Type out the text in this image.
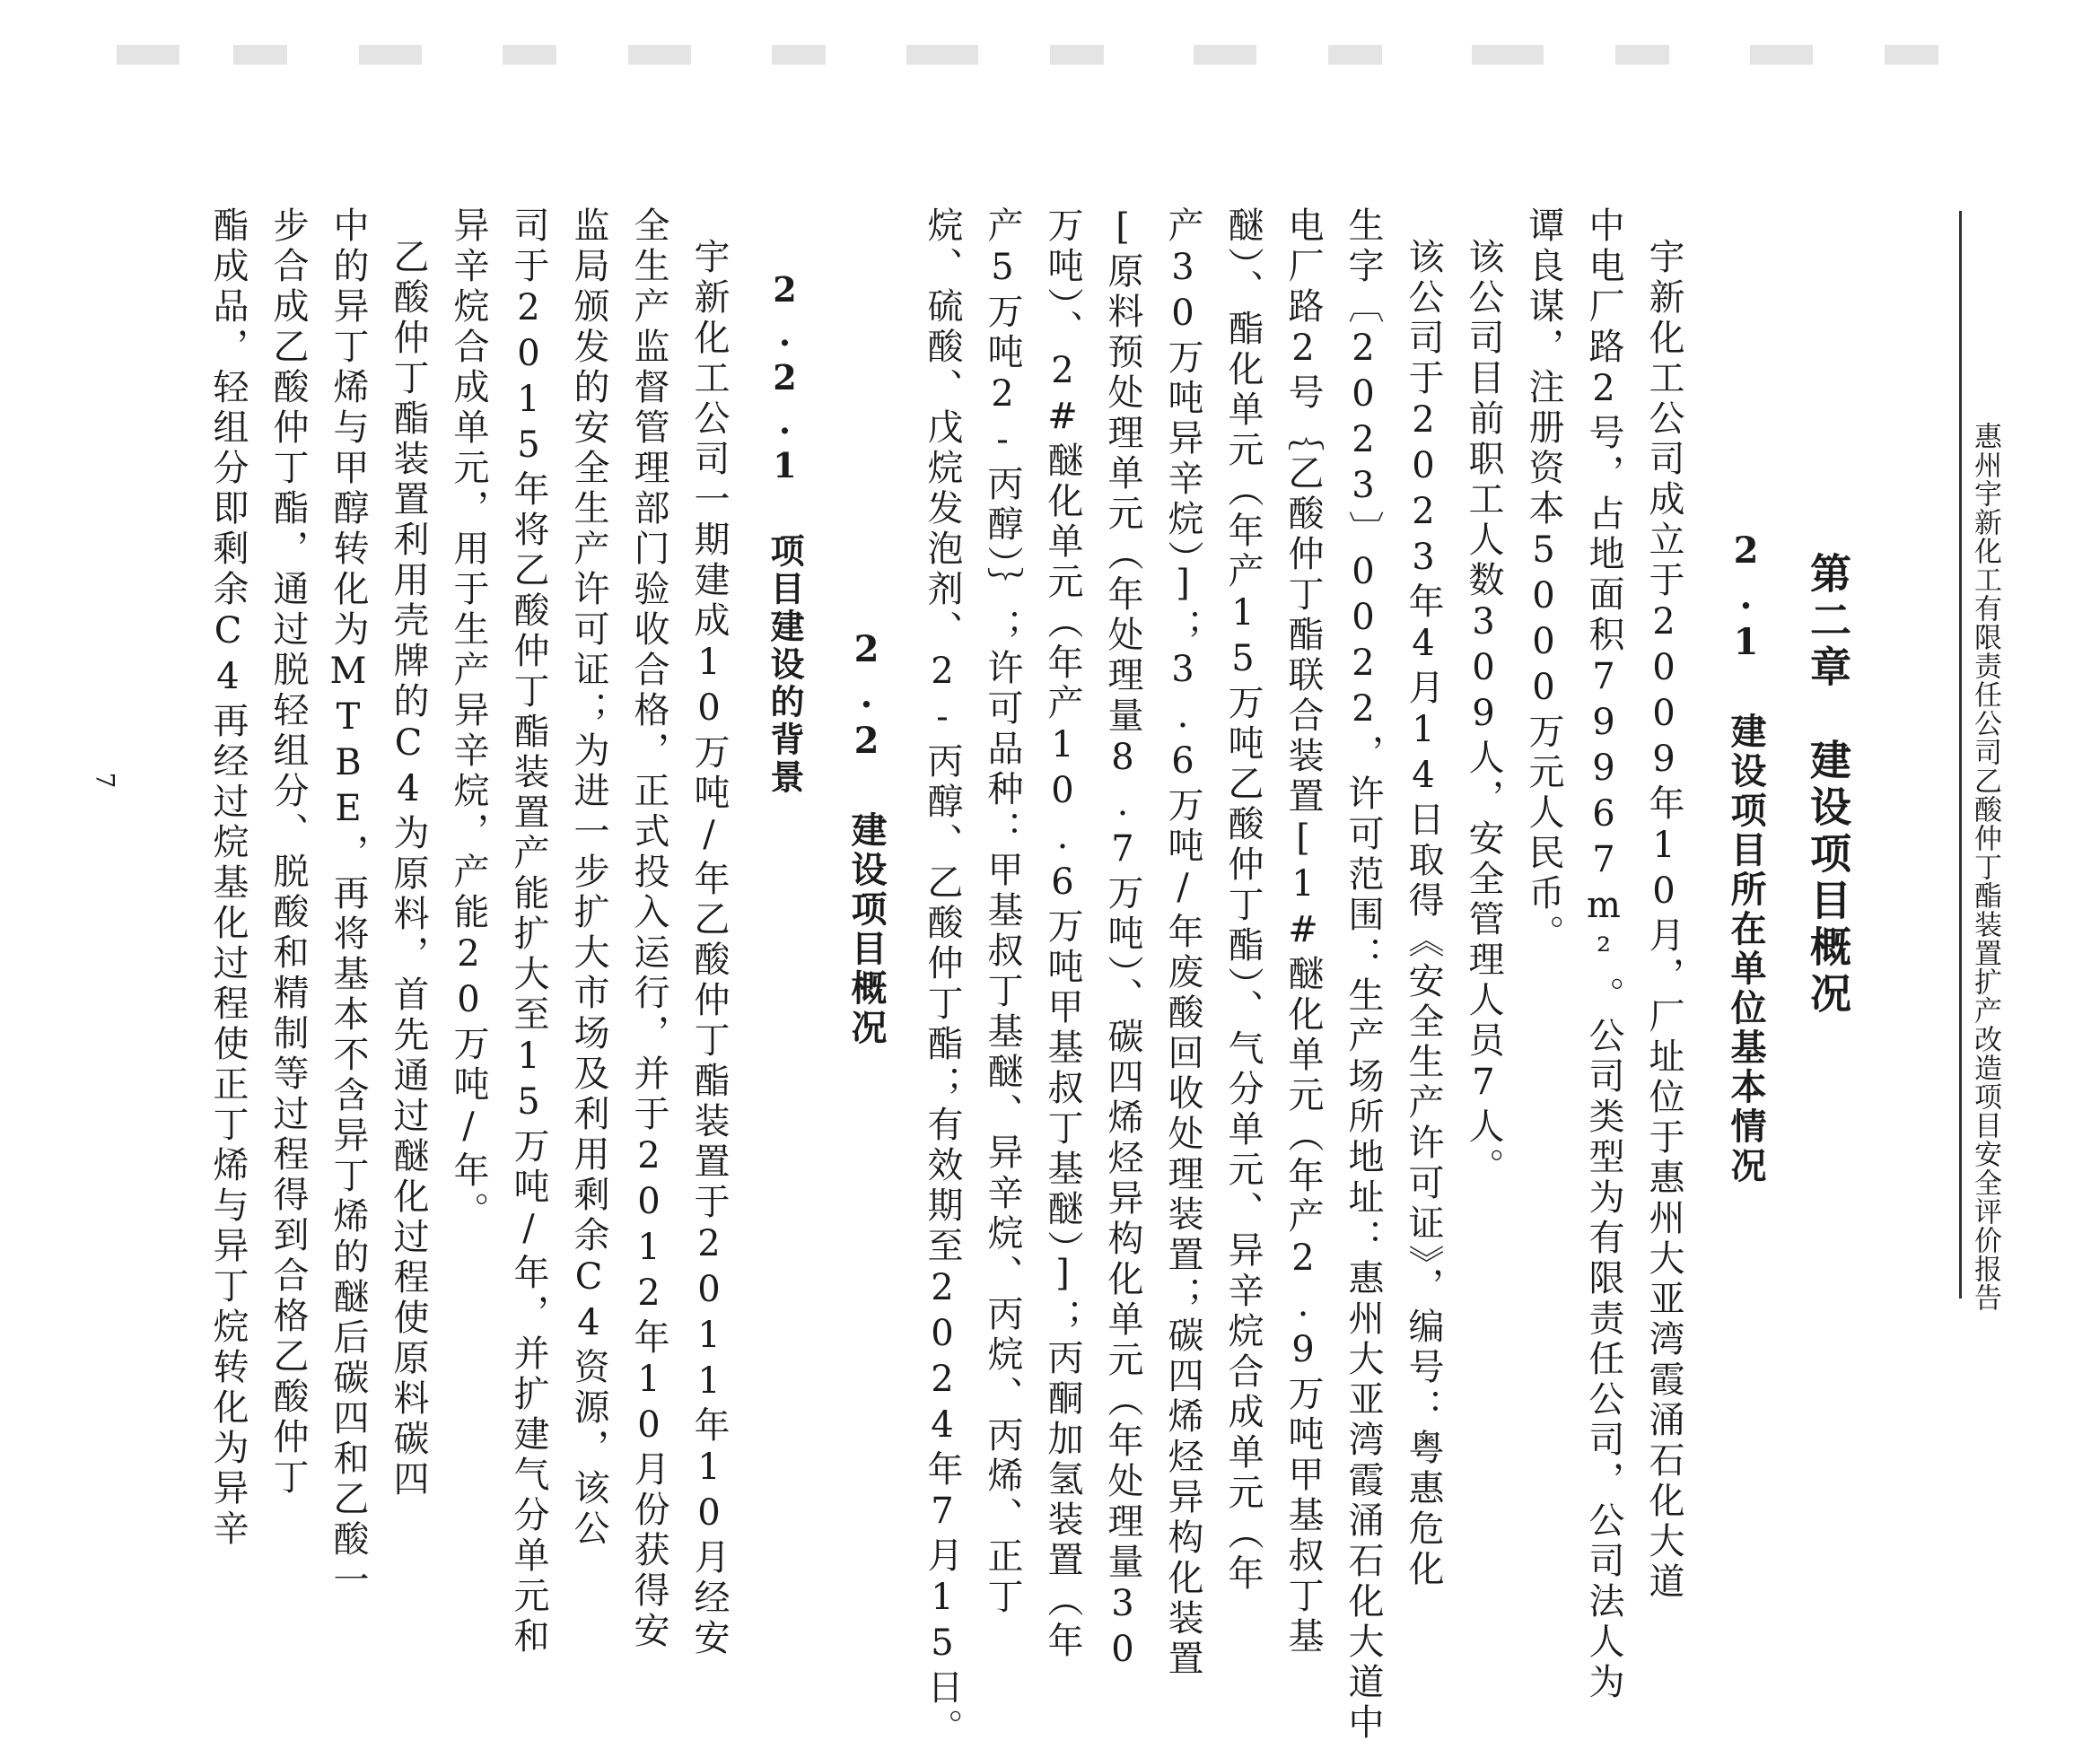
惠州宇新化工有限责任公司乙酸仲丁酯装置扩产改造项目安全评价报告
第二章　建设项目概况
2.1 建设项目所在单位基本情况
宇新化工公司成立于2009年10月，厂址位于惠州大亚湾霞涌石化大道
中电厂路2号，占地面积79967m²。公司类型为有限责任公司，公司法人为
谭良谋，注册资本5000万元人民币。
该公司目前职工人数309人，安全管理人员7人。
该公司于2023年4月14日取得《安全生产许可证》，编号：粤惠危化
生字〔2023〕0022，许可范围：生产场所地址：惠州大亚湾霞涌石化大道中
电厂路2号｛乙酸仲丁酯联合装置[1#醚化单元（年产2.9万吨甲基叔丁基
醚）、酯化单元（年产15万吨乙酸仲丁酯）、气分单元、异辛烷合成单元（年
产30万吨异辛烷）]；3.6万吨/年废酸回收处理装置；碳四烯烃异构化装置
[原料预处理单元（年处理量8.7万吨）、碳四烯烃异构化单元（年处理量30
万吨）、2#醚化单元（年产10.6万吨甲基叔丁基醚）]；丙酮加氢装置（年
产5万吨2-丙醇）｝；许可品种：甲基叔丁基醚、异辛烷、丙烷、丙烯、正丁
烷、硫酸、戊烷发泡剂、2-丙醇、乙酸仲丁酯；有效期至2024年7月15日。
2.2 建设项目概况
2.2.1 项目建设的背景
宇新化工公司一期建成10万吨/年乙酸仲丁酯装置于2011年10月经安
全生产监督管理部门验收合格，正式投入运行，并于2012年10月份获得安
监局颁发的安全生产许可证；为进一步扩大市场及利用剩余C4资源，该公
司于2015年将乙酸仲丁酯装置产能扩大至15万吨/年，并扩建气分单元和
异辛烷合成单元，用于生产异辛烷，产能20万吨/年。
乙酸仲丁酯装置利用壳牌的C4为原料，首先通过醚化过程使原料碳四
中的异丁烯与甲醇转化为MTBE，再将基本不含异丁烯的醚后碳四和乙酸一
步合成乙酸仲丁酯，通过脱轻组分、脱酸和精制等过程得到合格乙酸仲丁
酯成品，轻组分即剩余C4再经过烷基化过程使正丁烯与异丁烷转化为异辛
7
